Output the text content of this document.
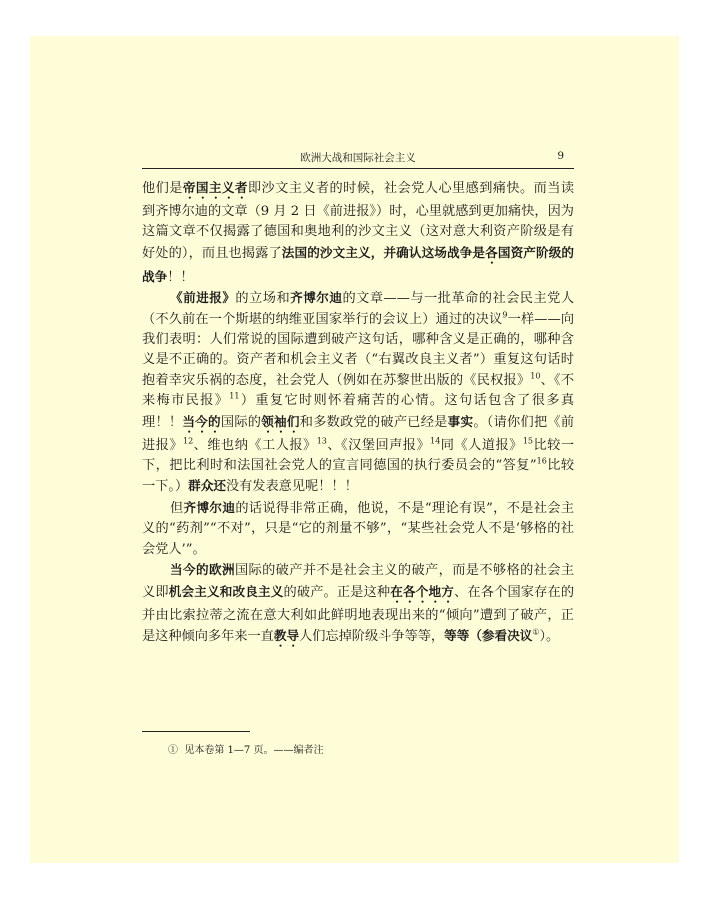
欧洲大战和国际社会主义	9

他们是帝国主义者即沙文主义者的时候，社会党人心里感到痛快。而当读到齐博尔迪的文章（9 月 2 日《前进报》）时，心里就感到更加痛快，因为这篇文章不仅揭露了德国和奥地利的沙文主义（这对意大利资产阶级是有好处的），而且也揭露了法国的沙文主义，并确认这场战争是各国资产阶级的战争！！

《前进报》的立场和齐博尔迪的文章——与一批革命的社会民主党人（不久前在一个斯堪的纳维亚国家举行的会议上）通过的决议$^9$一样——向我们表明：人们常说的国际遭到破产这句话，哪种含义是正确的，哪种含义是不正确的。资产者和机会主义者（“右翼改良主义者”）重复这句话时抱着幸灾乐祸的态度，社会党人（例如在苏黎世出版的《民权报》$^{10}$、《不来梅市民报》$^{11}$）重复它时则怀着痛苦的心情。这句话包含了很多真理！！当今的国际的领袖们和多数政党的破产已经是事实。（请你们把《前进报》$^{12}$、维也纳《工人报》$^{13}$、《汉堡回声报》$^{14}$同《人道报》$^{15}$比较一下，把比利时和法国社会党人的宣言同德国的执行委员会的“答复”$^{16}$比较一下。）群众还没有发表意见呢！！！

但齐博尔迪的话说得非常正确，他说，不是“理论有误”，不是社会主义的“药剂”“不对”，只是“它的剂量不够”，“某些社会党人不是‘够格的社会党人’”。

当今的欧洲国际的破产并不是社会主义的破产，而是不够格的社会主义即机会主义和改良主义的破产。正是这种在各个地方、在各个国家存在的并由比索拉蒂之流在意大利如此鲜明地表现出来的“倾向”遭到了破产，正是这种倾向多年来一直教导人们忘掉阶级斗争等等，等等（参看决议①）。

① 见本卷第 1—7 页。——编者注
